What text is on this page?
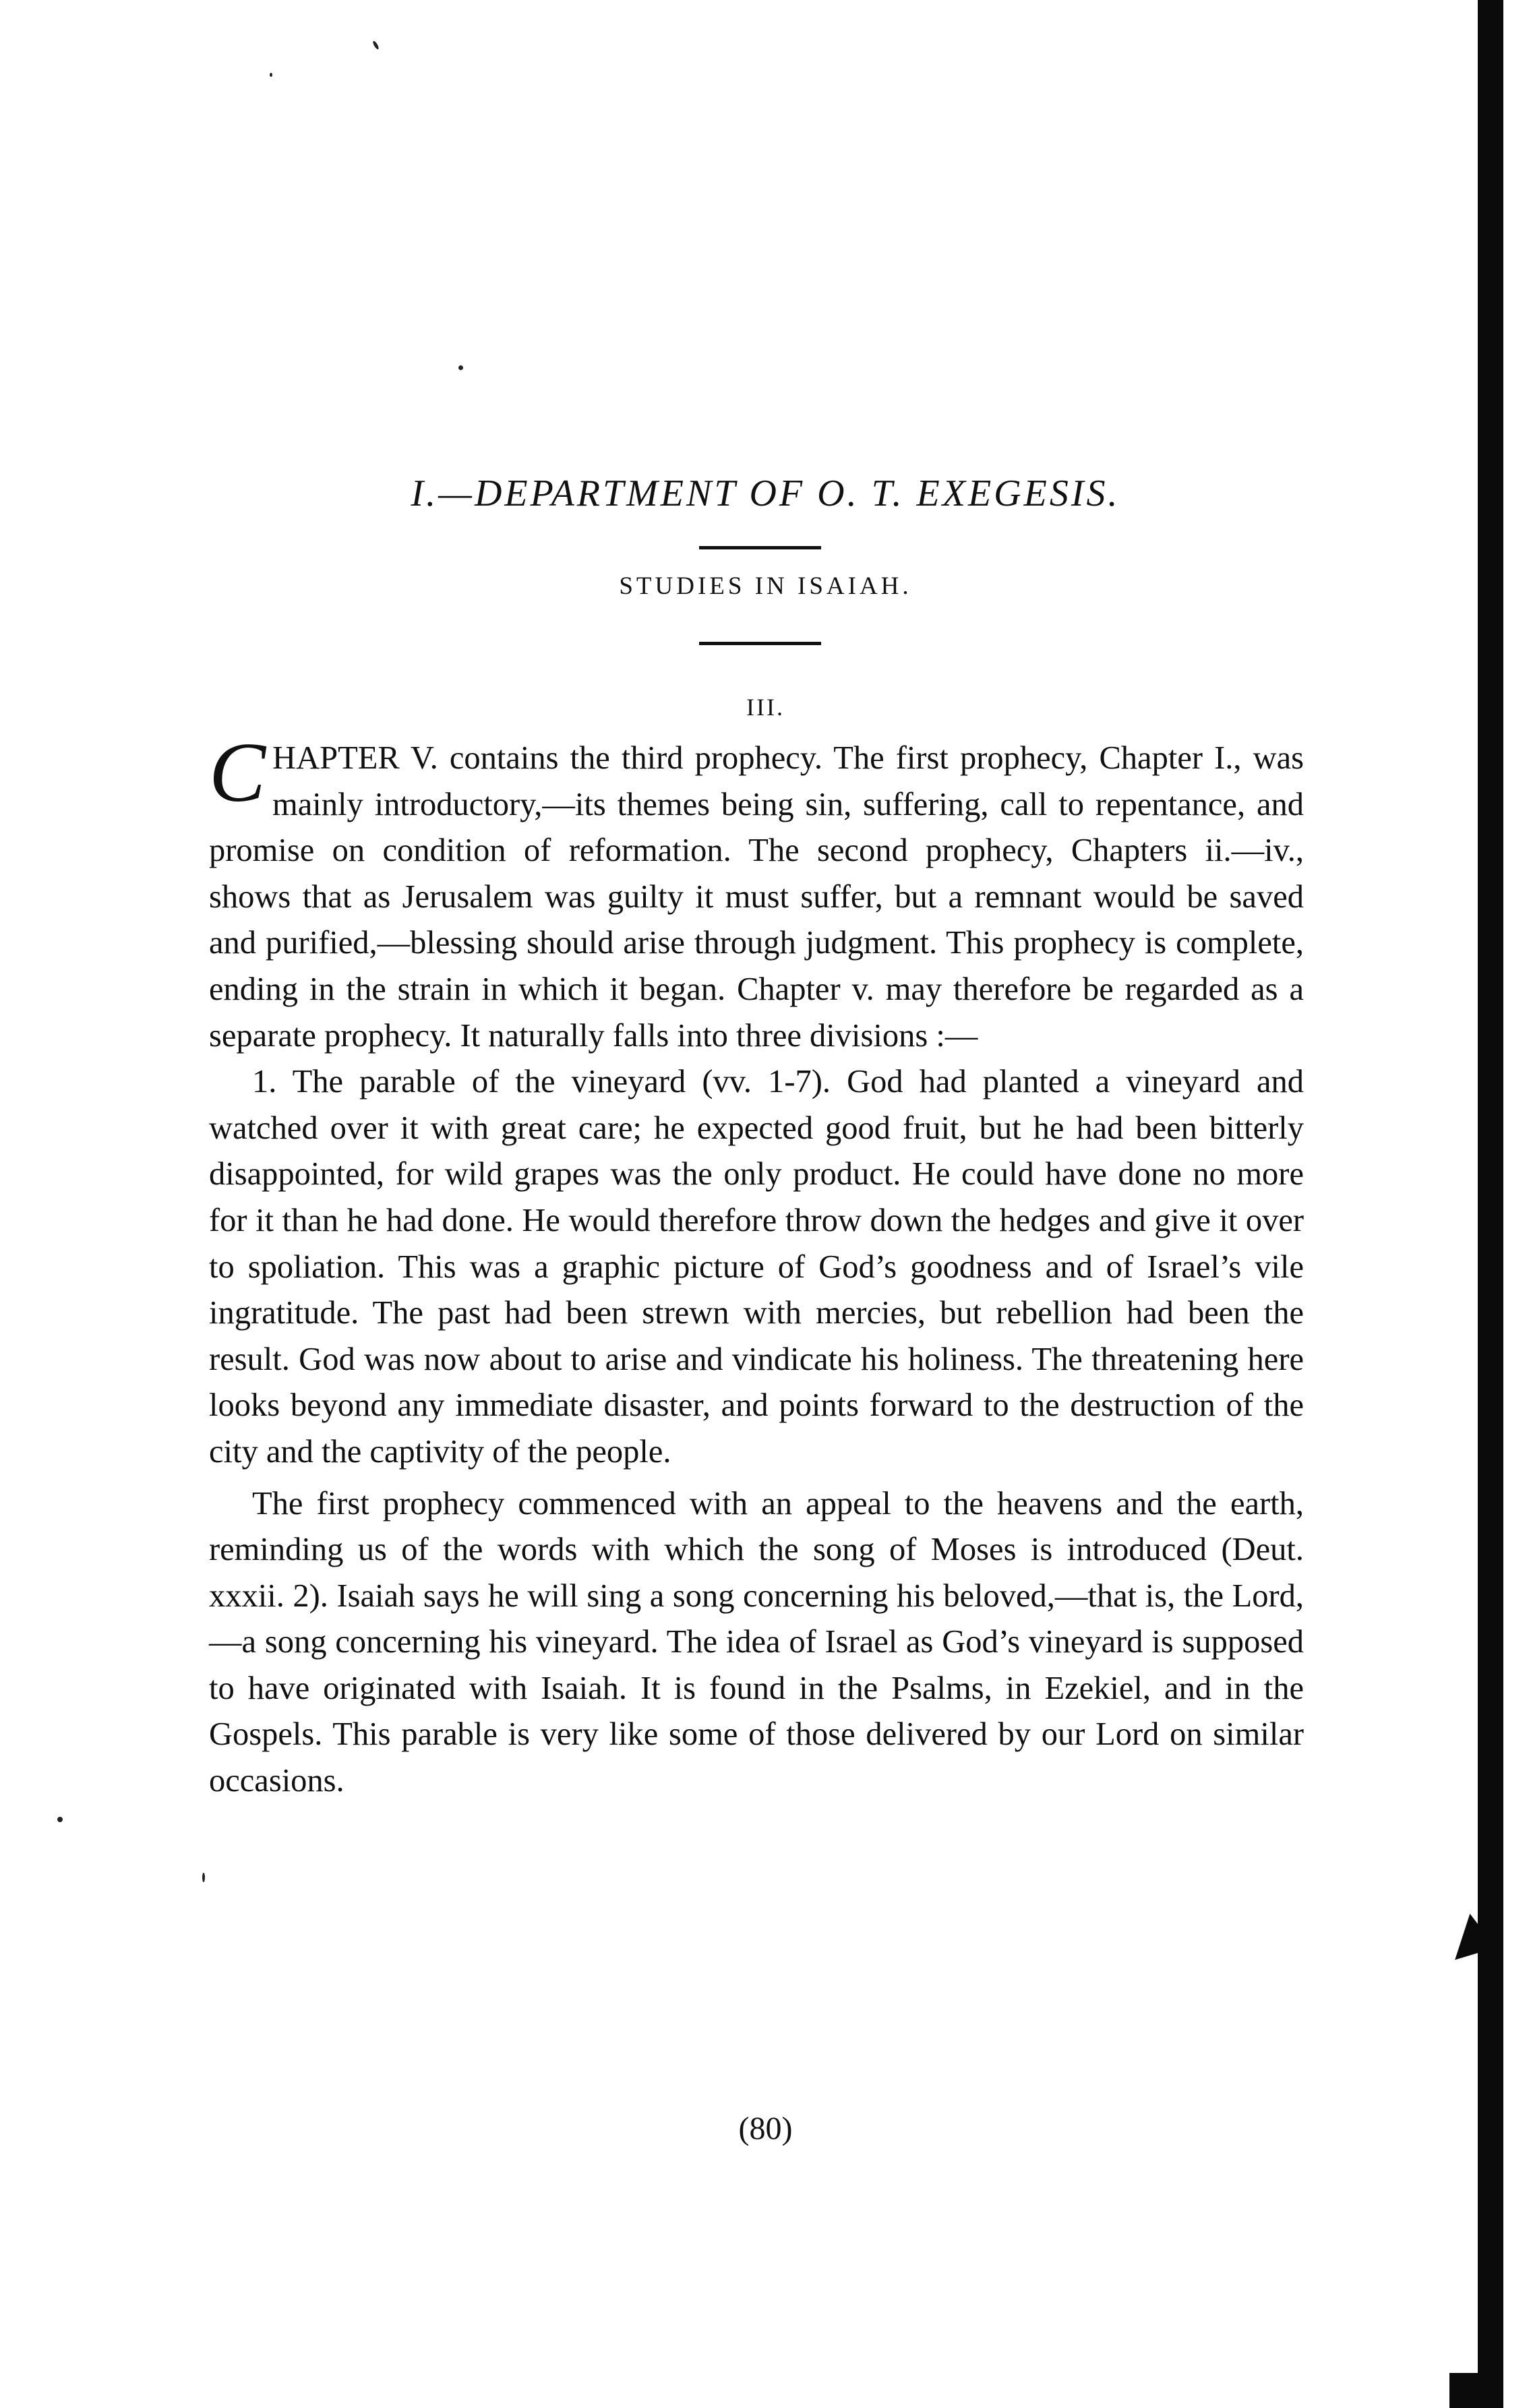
I.—DEPARTMENT OF O. T. EXEGESIS.
STUDIES IN ISAIAH.
III.

CHAPTER V. contains the third prophecy. The first prophecy, Chapter I., was mainly introductory,—its themes being sin, suffering, call to repentance, and promise on condition of reformation. The second prophecy, Chapters ii.—iv., shows that as Jerusalem was guilty it must suffer, but a remnant would be saved and purified,—blessing should arise through judgment. This prophecy is complete, ending in the strain in which it began. Chapter v. may therefore be regarded as a separate prophecy. It naturally falls into three divisions :—

1. The parable of the vineyard (vv. 1-7). God had planted a vineyard and watched over it with great care; he expected good fruit, but he had been bitterly disappointed, for wild grapes was the only product. He could have done no more for it than he had done. He would therefore throw down the hedges and give it over to spoliation. This was a graphic picture of God’s goodness and of Israel’s vile ingratitude. The past had been strewn with mercies, but rebellion had been the result. God was now about to arise and vindicate his holiness. The threatening here looks beyond any immediate disaster, and points forward to the destruction of the city and the captivity of the people.

The first prophecy commenced with an appeal to the heavens and the earth, reminding us of the words with which the song of Moses is introduced (Deut. xxxii. 2). Isaiah says he will sing a song concerning his beloved,—that is, the Lord,—a song concerning his vineyard. The idea of Israel as God’s vineyard is supposed to have originated with Isaiah. It is found in the Psalms, in Ezekiel, and in the Gospels. This parable is very like some of those delivered by our Lord on similar occasions.

(80)
